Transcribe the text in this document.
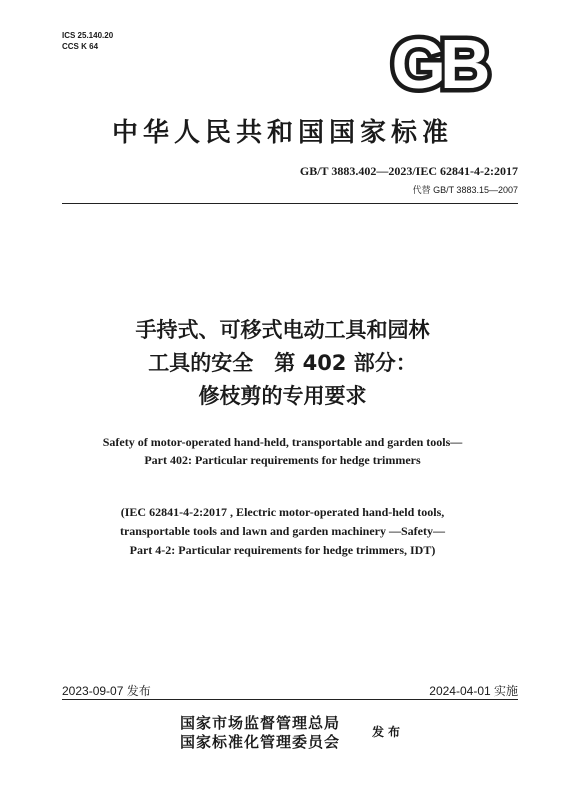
ICS 25.140.20
CCS K 64	GB
中华人民共和国国家标准
GB/T 3883.402—2023/IEC 62841-4-2:2017
代替 GB/T 3883.15—2007
手持式、可移式电动工具和园林
工具的安全　第 402 部分：
修枝剪的专用要求
Safety of motor-operated hand-held, transportable and garden tools—
Part 402: Particular requirements for hedge trimmers
(IEC 62841-4-2:2017 , Electric motor-operated hand-held tools,
transportable tools and lawn and garden machinery —Safety—
Part 4-2: Particular requirements for hedge trimmers, IDT)
2023-09-07 发布	2024-04-01 实施
国家市场监督管理总局
国家标准化管理委员会
发布
